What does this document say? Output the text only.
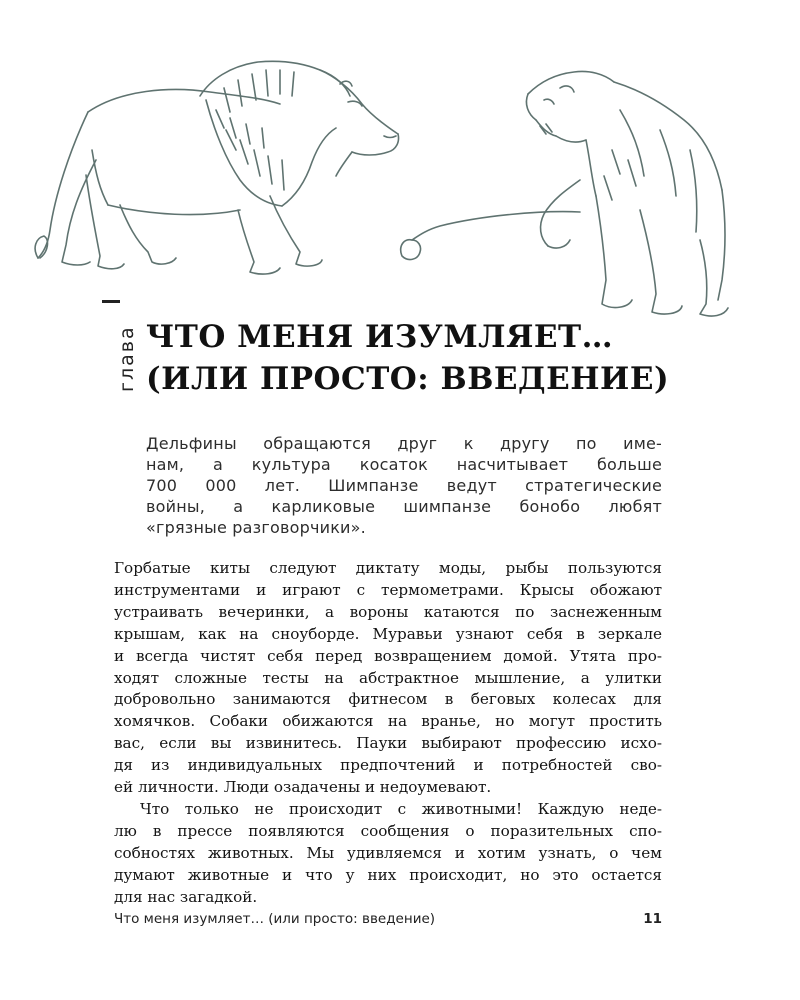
глава ЧТО МЕНЯ ИЗУМЛЯЕТ…
(ИЛИ ПРОСТО: ВВЕДЕНИЕ)
Дельфины обращаются друг к другу по име-
нам, а культура косаток насчитывает больше
700 000 лет. Шимпанзе ведут стратегические
войны, а карликовые шимпанзе бонобо любят
«грязные разговорчики».
Горбатые киты следуют диктату моды, рыбы пользуются
инструментами и играют с термометрами. Крысы обожают
устраивать вечеринки, а вороны катаются по заснеженным
крышам, как на сноуборде. Муравьи узнают себя в зеркале
и всегда чистят себя перед возвращением домой. Утята про-
ходят сложные тесты на абстрактное мышление, а улитки
добровольно занимаются фитнесом в беговых колесах для
хомячков. Собаки обижаются на вранье, но могут простить
вас, если вы извинитесь. Пауки выбирают профессию исхо-
дя из индивидуальных предпочтений и потребностей сво-
ей личности. Люди озадачены и недоумевают.
Что только не происходит с животными! Каждую неде-
лю в прессе появляются сообщения о поразительных спо-
собностях животных. Мы удивляемся и хотим узнать, о чем
думают животные и что у них происходит, но это остается
для нас загадкой.
Что меня изумляет… (или просто: введение)	11
